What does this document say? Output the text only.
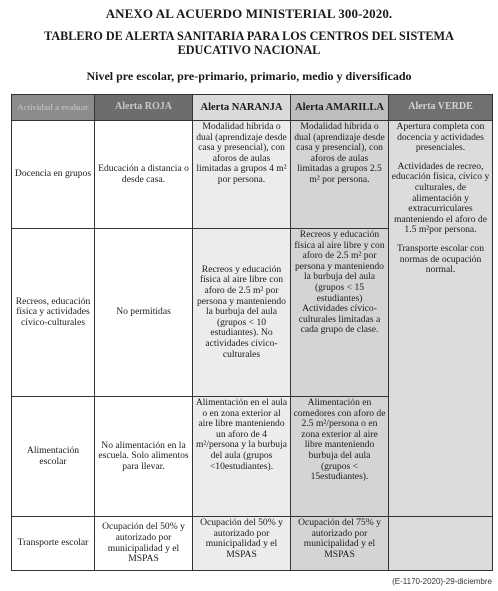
ANEXO AL ACUERDO MINISTERIAL 300-2020.
TABLERO DE ALERTA SANITARIA PARA LOS CENTROS DEL SISTEMA
EDUCATIVO NACIONAL
Nivel pre escolar, pre-primario, primario, medio y diversificado
Actividad a evaluar	Alerta ROJA	Alerta NARANJA	Alerta AMARILLA	Alerta VERDE
Docencia en grupos	Educación a distancia o desde casa.	Modalidad híbrida o dual (aprendizaje desde casa y presencial), con aforos de aulas limitadas a grupos 4 m² por persona.	Modalidad híbrida o dual (aprendizaje desde casa y presencial), con aforos de aulas limitadas a grupos 2.5 m² por persona.	Apertura completa con docencia y actividades presenciales.

Actividades de recreo, educación física, cívico y culturales, de alimentación y extracurriculares manteniendo el aforo de 1.5 m²por persona.

Transporte escolar con normas de ocupación normal.

Recreos, educación física y actividades cívico-culturales	No permitidas	Recreos y educación física al aire libre con aforo de 2.5 m² por persona y manteniendo la burbuja del aula (grupos < 10 estudiantes). No actividades cívico-culturales	Recreos y educación física al aire libre y con aforo de 2.5 m² por persona y manteniendo la burbuja del aula (grupos < 15 estudiantes)
Actividades cívico-culturales limitadas a cada grupo de clase.	

Alimentación escolar	No alimentación en la escuela. Solo alimentos para llevar.	Alimentación en el aula o en zona exterior al aire libre manteniendo un aforo de 4 m²/persona y la burbuja del aula (grupos <10estudiantes).	Alimentación en comedores con aforo de 2.5 m²/persona o en zona exterior al aire libre manteniendo burbuja del aula (grupos < 15estudiantes).	
Transporte escolar	Ocupación del 50% y autorizado por municipalidad y el MSPAS	Ocupación del 50% y autorizado por municipalidad y el MSPAS	Ocupación del 75% y autorizado por municipalidad y el MSPAS	
(E-1170-2020)-29-diciembre
